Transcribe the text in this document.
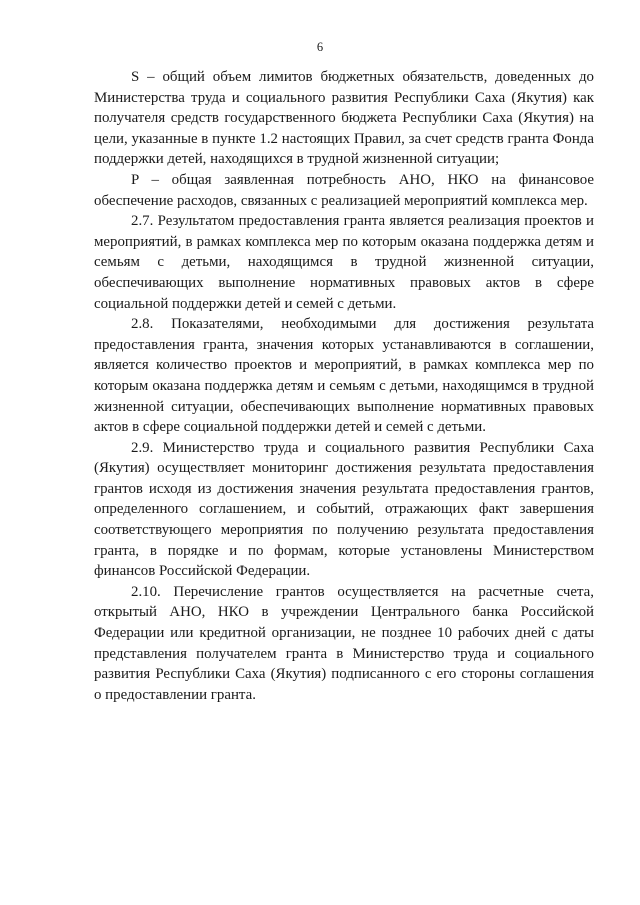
6

S – общий объем лимитов бюджетных обязательств, доведенных до Министерства труда и социального развития Республики Саха (Якутия) как получателя средств государственного бюджета Республики Саха (Якутия) на цели, указанные в пункте 1.2 настоящих Правил, за счет средств гранта Фонда поддержки детей, находящихся в трудной жизненной ситуации;

P – общая заявленная потребность АНО, НКО на финансовое обеспечение расходов, связанных с реализацией мероприятий комплекса мер.

2.7. Результатом предоставления гранта является реализация проектов и мероприятий, в рамках комплекса мер по которым оказана поддержка детям и семьям с детьми, находящимся в трудной жизненной ситуации, обеспечивающих выполнение нормативных правовых актов в сфере социальной поддержки детей и семей с детьми.

2.8. Показателями, необходимыми для достижения результата предоставления гранта, значения которых устанавливаются в соглашении, является количество проектов и мероприятий, в рамках комплекса мер по которым оказана поддержка детям и семьям с детьми, находящимся в трудной жизненной ситуации, обеспечивающих выполнение нормативных правовых актов в сфере социальной поддержки детей и семей с детьми.

2.9. Министерство труда и социального развития Республики Саха (Якутия) осуществляет мониторинг достижения результата предоставления грантов исходя из достижения значения результата предоставления грантов, определенного соглашением, и событий, отражающих факт завершения соответствующего мероприятия по получению результата предоставления гранта, в порядке и по формам, которые установлены Министерством финансов Российской Федерации.

2.10. Перечисление грантов осуществляется на расчетные счета, открытый АНО, НКО в учреждении Центрального банка Российской Федерации или кредитной организации, не позднее 10 рабочих дней с даты представления получателем гранта в Министерство труда и социального развития Республики Саха (Якутия) подписанного с его стороны соглашения о предоставлении гранта.
